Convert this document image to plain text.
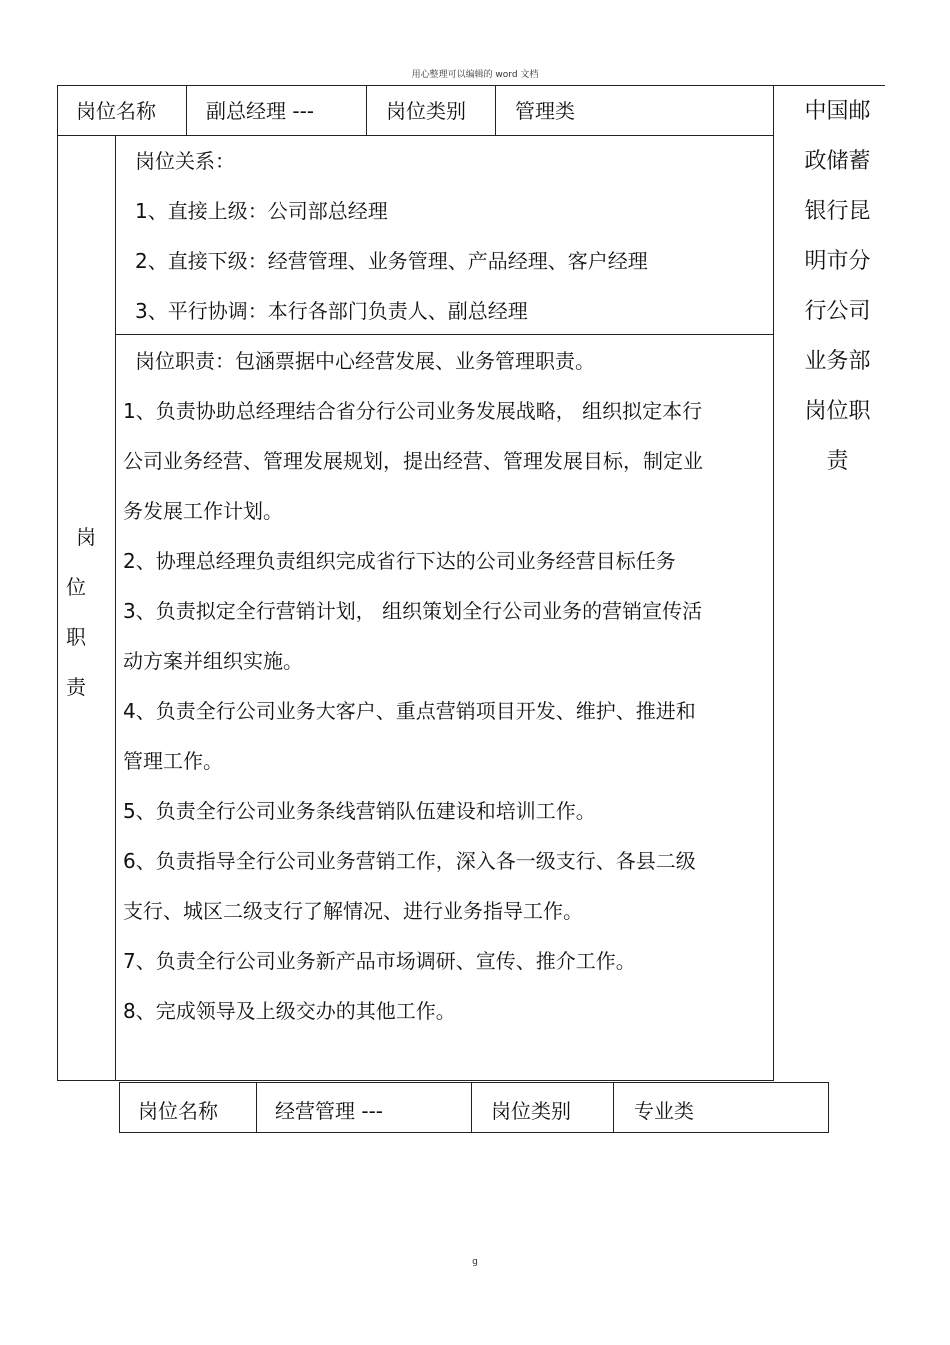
用心整理可以编辑的 word 文档
岗位名称	副总经理 ---	岗位类别 管理类
岗
位
职
责
中国邮
政储蓄
银行昆
明市分
行公司
业务部
岗位职
责
岗位关系：
1、直接上级：公司部总经理
2、直接下级：经营管理、业务管理、产品经理、客户经理
3、平行协调：本行各部门负责人、副总经理
岗位职责：包涵票据中心经营发展、业务管理职责。
1、负责协助总经理结合省分行公司业务发展战略， 组织拟定本行
公司业务经营、管理发展规划，提出经营、管理发展目标，制定业
务发展工作计划。
2、协理总经理负责组织完成省行下达的公司业务经营目标任务
3、负责拟定全行营销计划， 组织策划全行公司业务的营销宣传活
动方案并组织实施。
4、负责全行公司业务大客户、重点营销项目开发、维护、推进和
管理工作。
5、负责全行公司业务条线营销队伍建设和培训工作。
6、负责指导全行公司业务营销工作，深入各一级支行、各县二级
支行、城区二级支行了解情况、进行业务指导工作。
7、负责全行公司业务新产品市场调研、宣传、推介工作。
8、完成领导及上级交办的其他工作。
岗位名称	经营管理 ---	岗位类别	专业类
g
